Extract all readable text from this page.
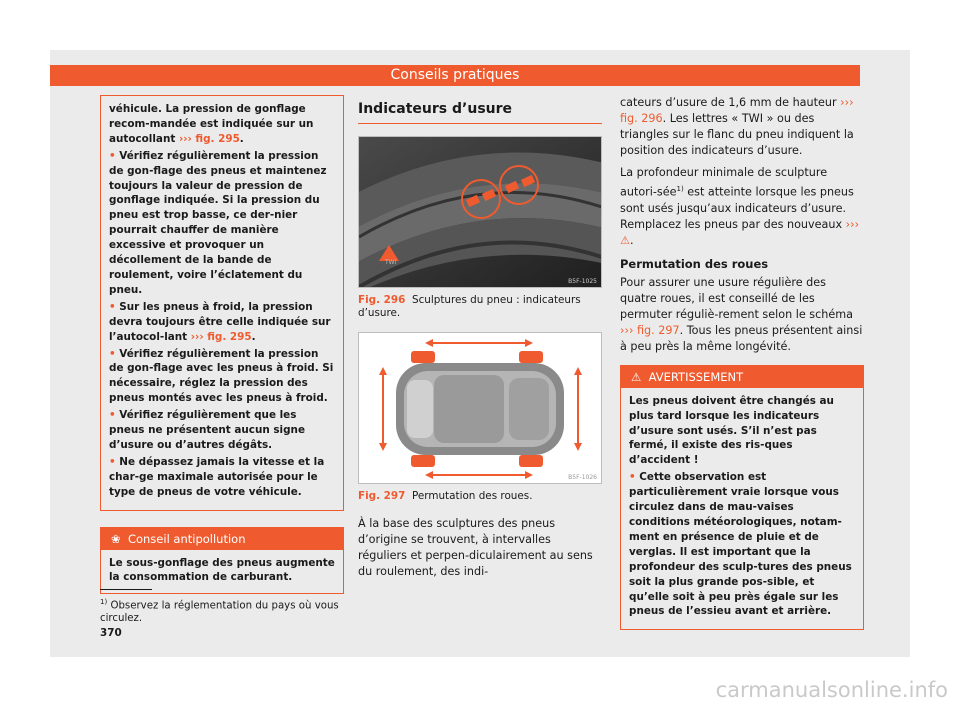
Conseils pratiques

véhicule. La pression de gonflage recom-mandée est indiquée sur un autocollant ››› fig. 295.

• Vérifiez régulièrement la pression de gon-flage des pneus et maintenez toujours la valeur de pression de gonflage indiquée. Si la pression du pneu est trop basse, ce der-nier pourrait chauffer de manière excessive et provoquer un décollement de la bande de roulement, voire l’éclatement du pneu.

• Sur les pneus à froid, la pression devra toujours être celle indiquée sur l’autocol-lant ››› fig. 295.

• Vérifiez régulièrement la pression de gon-flage avec les pneus à froid. Si nécessaire, réglez la pression des pneus montés avec les pneus à froid.

• Vérifiez régulièrement que les pneus ne présentent aucun signe d’usure ou d’autres dégâts.

• Ne dépassez jamais la vitesse et la char-ge maximale autorisée pour le type de pneus de votre véhicule.

❀ Conseil antipollution
Le sous-gonflage des pneus augmente la consommation de carburant.
Indicateurs d’usure
TWI
B5F-1025

Fig. 296 Sculptures du pneu : indicateurs d’usure.

B5F-1026

Fig. 297 Permutation des roues.

À la base des sculptures des pneus d’origine se trouvent, à intervalles réguliers et perpen-diculairement au sens du roulement, des indi-

cateurs d’usure de 1,6 mm de hauteur ››› fig. 296. Les lettres « TWI » ou des triangles sur le flanc du pneu indiquent la position des indicateurs d’usure.

La profondeur minimale de sculpture autori-sée$^{1)}$ est atteinte lorsque les pneus sont usés jusqu’aux indicateurs d’usure. Remplacez les pneus par des nouveaux ››› ⚠.

Permutation des roues

Pour assurer une usure régulière des quatre roues, il est conseillé de les permuter réguliè-rement selon le schéma ››› fig. 297. Tous les pneus présentent ainsi à peu près la même longévité.

⚠ AVERTISSEMENT

Les pneus doivent être changés au plus tard lorsque les indicateurs d’usure sont usés. S’il n’est pas fermé, il existe des ris-ques d’accident !

• Cette observation est particulièrement vraie lorsque vous circulez dans de mau-vaises conditions météorologiques, notam-ment en présence de pluie et de verglas. Il est important que la profondeur des sculp-tures des pneus soit la plus grande pos-sible, et qu’elle soit à peu près égale sur les pneus de l’essieu avant et arrière.

$^{1)}$ Observez la réglementation du pays où vous circulez.
370
carmanualsonline.info
